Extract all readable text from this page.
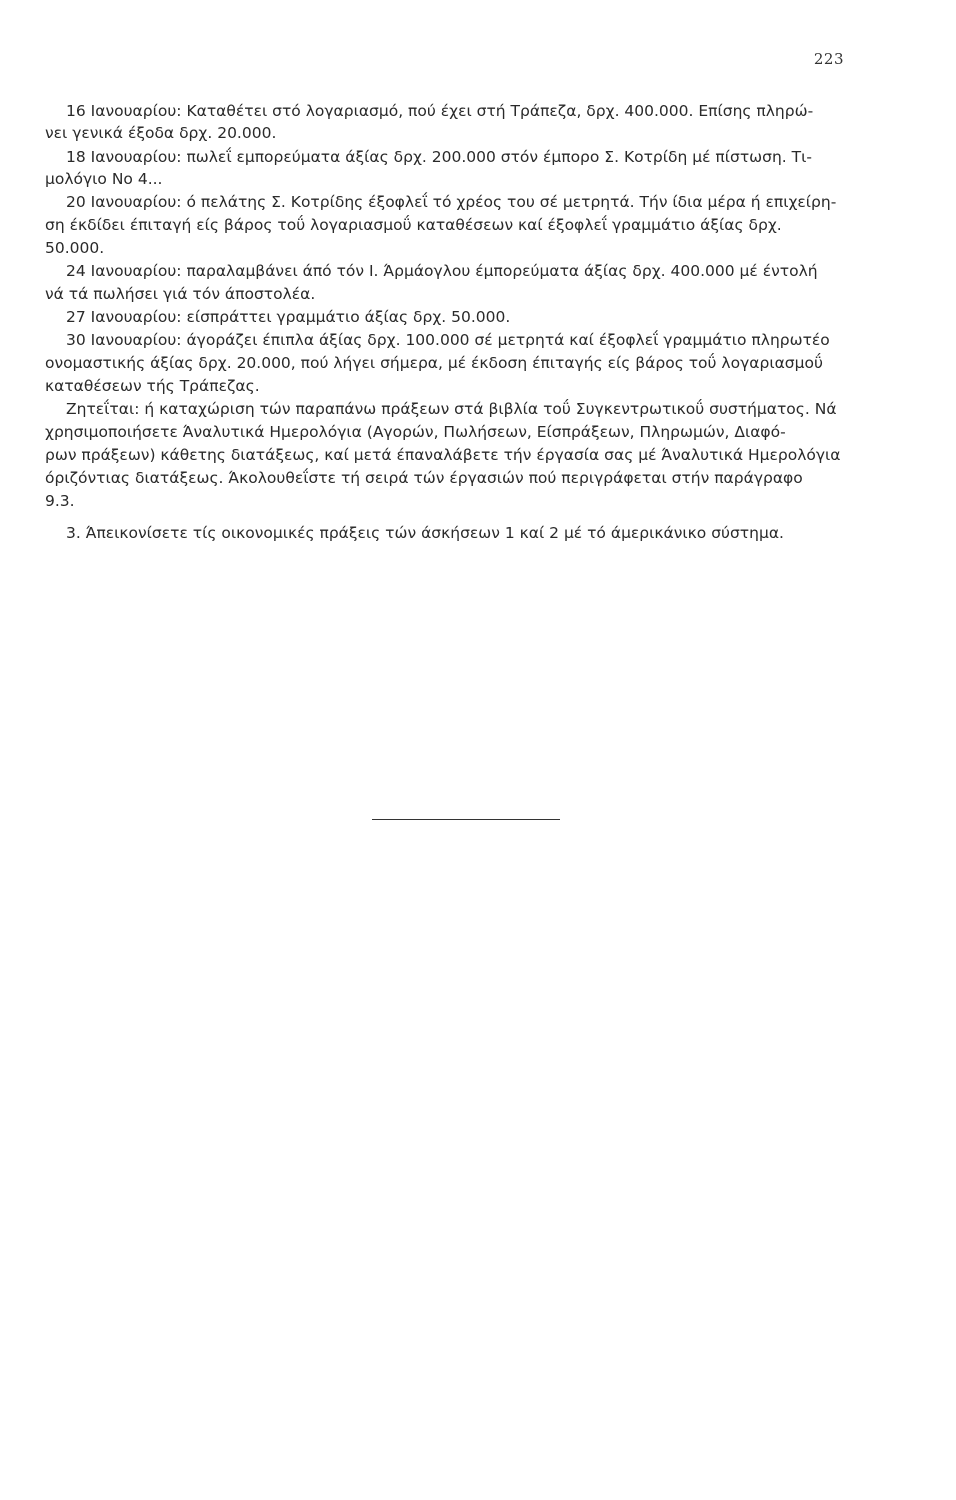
223
16 Ιανουαρίου: Καταθέτει στό λογαριασμό, πού έχει στή Τράπεζα, δρχ. 400.000. Επίσης πληρώ-
νει γενικά έξοδα δρχ. 20.000.
18 Ιανουαρίου: πωλεΐ εμπορεύματα άξίας δρχ. 200.000 στόν έμπορο Σ. Κοτρίδη μέ πίστωση. Τι-
μολόγιο Νο 4...
20 Ιανουαρίου: ό πελάτης Σ. Κοτρίδης έξοφλεΐ τό χρέος του σέ μετρητά. Τήν ίδια μέρα ή επιχείρη-
ση έκδίδει έπιταγή είς βάρος τοΰ λογαριασμοΰ καταθέσεων καί έξοφλεΐ γραμμάτιο άξίας δρχ.
50.000.
24 Ιανουαρίου: παραλαμβάνει άπό τόν Ι. Άρμάογλου έμπορεύματα άξίας δρχ. 400.000 μέ έντολή
νά τά πωλήσει γιά τόν άποστολέα.
27 Ιανουαρίου: είσπράττει γραμμάτιο άξίας δρχ. 50.000.
30 Ιανουαρίου: άγοράζει έπιπλα άξίας δρχ. 100.000 σέ μετρητά καί έξοφλεΐ γραμμάτιο πληρωτέο
ονομαστικής άξίας δρχ. 20.000, πού λήγει σήμερα, μέ έκδοση έπιταγής είς βάρος τοΰ λογαριασμοΰ
καταθέσεων τής Τράπεζας.
Ζητεΐται: ή καταχώριση τών παραπάνω πράξεων στά βιβλία τοΰ Συγκεντρωτικοΰ συστήματος. Νά
χρησιμοποιήσετε Άναλυτικά Ημερολόγια (Αγορών, Πωλήσεων, Είσπράξεων, Πληρωμών, Διαφό-
ρων πράξεων) κάθετης διατάξεως, καί μετά έπαναλάβετε τήν έργασία σας μέ Άναλυτικά Ημερολόγια
όριζόντιας διατάξεως. Άκολουθεΐστε τή σειρά τών έργασιών πού περιγράφεται στήν παράγραφο
9.3.
3. Άπεικονίσετε τίς οικονομικές πράξεις τών άσκήσεων 1 καί 2 μέ τό άμερικάνικο σύστημα.
